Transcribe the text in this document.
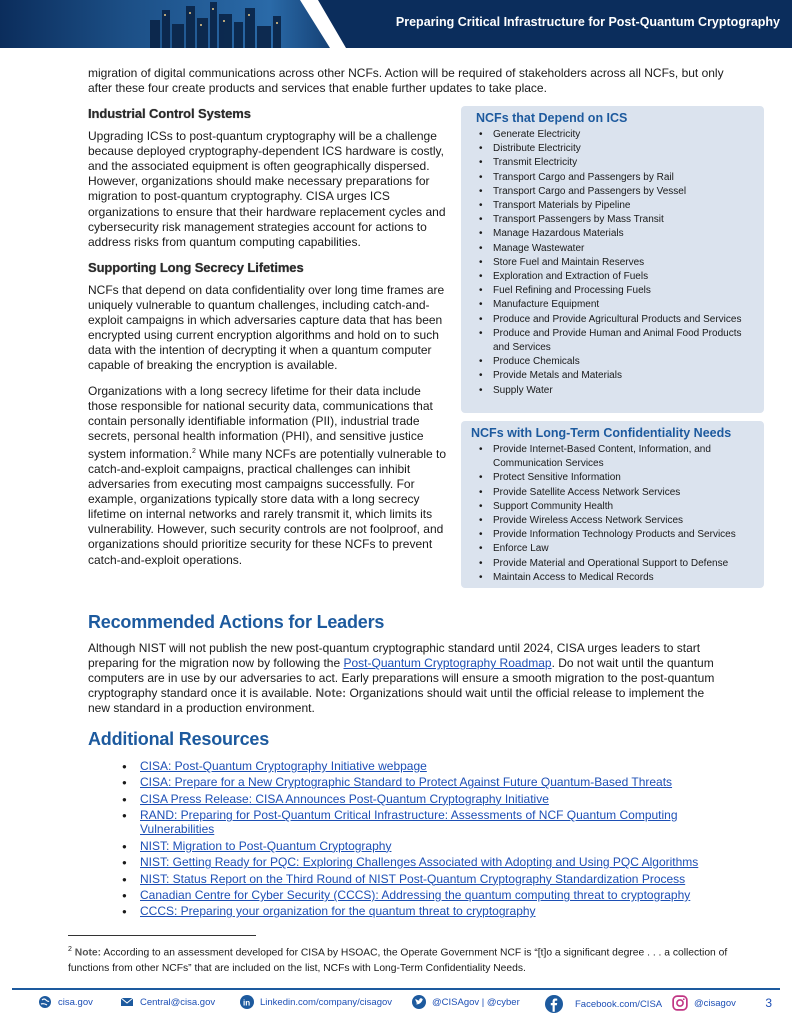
Preparing Critical Infrastructure for Post-Quantum Cryptography

migration of digital communications across other NCFs. Action will be required of stakeholders across all NCFs, but only after these four create products and services that enable further updates to take place.

Industrial Control Systems

Upgrading ICSs to post-quantum cryptography will be a challenge because deployed cryptography-dependent ICS hardware is costly, and the associated equipment is often geographically dispersed. However, organizations should make necessary preparations for migration to post-quantum cryptography. CISA urges ICS organizations to ensure that their hardware replacement cycles and cybersecurity risk management strategies account for actions to address risks from quantum computing capabilities.

Supporting Long Secrecy Lifetimes

NCFs that depend on data confidentiality over long time frames are uniquely vulnerable to quantum challenges, including catch-and-exploit campaigns in which adversaries capture data that has been encrypted using current encryption algorithms and hold on to such data with the intention of decrypting it when a quantum computer capable of breaking the encryption is available.

Organizations with a long secrecy lifetime for their data include those responsible for national security data, communications that contain personally identifiable information (PII), industrial trade secrets, personal health information (PHI), and sensitive justice system information.$^2$ While many NCFs are potentially vulnerable to catch-and-exploit campaigns, practical challenges can inhibit adversaries from executing most campaigns successfully. For example, organizations typically store data with a long secrecy lifetime on internal networks and rarely transmit it, which limits its vulnerability. However, such security controls are not foolproof, and organizations should prioritize security for these NCFs to prevent catch-and-exploit operations.

NCFs that Depend on ICS
• Generate Electricity
• Distribute Electricity
• Transmit Electricity
• Transport Cargo and Passengers by Rail
• Transport Cargo and Passengers by Vessel
• Transport Materials by Pipeline
• Transport Passengers by Mass Transit
• Manage Hazardous Materials
• Manage Wastewater
• Store Fuel and Maintain Reserves
• Exploration and Extraction of Fuels
• Fuel Refining and Processing Fuels
• Manufacture Equipment
• Produce and Provide Agricultural Products and Services
• Produce and Provide Human and Animal Food Products and Services
• Produce Chemicals
• Provide Metals and Materials
• Supply Water
NCFs with Long-Term Confidentiality Needs
• Provide Internet-Based Content, Information, and Communication Services
• Protect Sensitive Information
• Provide Satellite Access Network Services
• Support Community Health
• Provide Wireless Access Network Services
• Provide Information Technology Products and Services
• Enforce Law
• Provide Material and Operational Support to Defense
• Maintain Access to Medical Records
Recommended Actions for Leaders

Although NIST will not publish the new post-quantum cryptographic standard until 2024, CISA urges leaders to start preparing for the migration now by following the Post-Quantum Cryptography Roadmap. Do not wait until the quantum computers are in use by our adversaries to act. Early preparations will ensure a smooth migration to the post-quantum cryptography standard once it is available. Note: Organizations should wait until the official release to implement the new standard in a production environment.

Additional Resources
● CISA: Post-Quantum Cryptography Initiative webpage
● CISA: Prepare for a New Cryptographic Standard to Protect Against Future Quantum-Based Threats
● CISA Press Release: CISA Announces Post-Quantum Cryptography Initiative
● RAND: Preparing for Post-Quantum Critical Infrastructure: Assessments of NCF Quantum Computing Vulnerabilities
● NIST: Migration to Post-Quantum Cryptography
● NIST: Getting Ready for PQC: Exploring Challenges Associated with Adopting and Using PQC Algorithms
● NIST: Status Report on the Third Round of NIST Post-Quantum Cryptography Standardization Process
● Canadian Centre for Cyber Security (CCCS): Addressing the quantum computing threat to cryptography
● CCCS: Preparing your organization for the quantum threat to cryptography

$^2$ Note: According to an assessment developed for CISA by HSOAC, the Operate Government NCF is “[t]o a significant degree . . . a collection of functions from other NCFs” that are included on the list, NCFs with Long-Term Confidentiality Needs.

cisa.gov	Central@cisa.gov	in Linkedin.com/company/cisagov	@CISAgov | @cyber	Facebook.com/CISA	@cisagov 3
